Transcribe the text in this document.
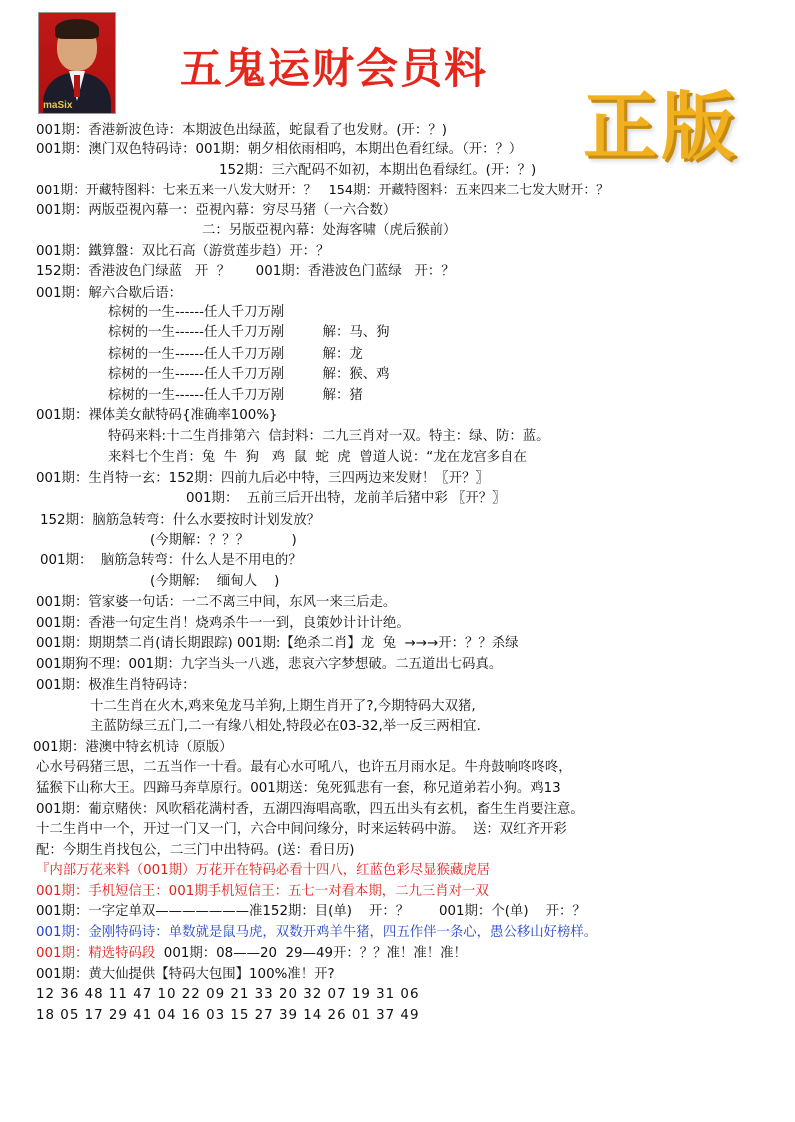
maSix
五鬼运财会员料
正版
001期：香港新波色诗：本期波色出绿蓝，蛇鼠看了也发财。(开：？)
001期：澳门双色特码诗：001期：朝夕相依雨相呜，本期出色看红绿。（开：？）
152期：三六配码不如初，本期出色看绿红。(开：？)
001期：开藏特图料：七来五来一八发大财开：？   154期：开藏特图料：五来四来二七发大财开：？
001期：两版亞視內幕一：亞視內幕：穷尽马猪（一六合数）
二：另版亞視內幕：处海客啸（虎后猴前）
001期：鐵算盤：双比石高（游赏莲步趋）开：？
152期：香港波色门绿蓝   开  ？      001期：香港波色门蓝绿   开：？
001期：解六合歇后语：
棕树的一生------任人千刀万剐
棕树的一生------任人千刀万剐         解：马、狗
棕树的一生------任人千刀万剐         解：龙
棕树的一生------任人千刀万剐         解：猴、鸡
棕树的一生------任人千刀万剐         解：猪
001期：裸体美女献特码{准确率100%}
特码来料:十二生肖排第六  信封料：二九三肖对一双。特主：绿、防：蓝。
来料七个生肖：兔  牛  狗   鸡  鼠  蛇  虎  曾道人说：“龙在龙宫多自在
001期：生肖特一玄：152期：四前九后必中特，三四两边来发财！〖开？〗
001期：  五前三后开出特，龙前羊后猪中彩 〖开？〗
152期：脑筋急转弯：什么水要按时计划发放？
(今期解：？？？          )
001期：  脑筋急转弯：什么人是不用电的？
(今期解:    缅甸人    )
001期：管家婆一句话：一二不离三中间，东风一来三后走。
001期：香港一句定生肖！烧鸡杀牛一一到，良策妙计计计绝。
001期：期期禁二肖(请长期跟踪) 001期:【绝杀二肖】龙  兔  →→→开：？？杀绿
001期狗不理：001期：九字当头一八逃，悲哀六字梦想破。二五道出七码真。
001期：极准生肖特码诗：
十二生肖在火木,鸡来兔龙马羊狗,上期生肖开了?,今期特码大双猪,
主蓝防绿三五门,二一有缘八相处,特段必在03-32,举一反三两相宜.
001期：港澳中特玄机诗（原版）
心水号码猪三思，二五当作一十看。最有心水可吼八，也许五月雨水足。牛舟鼓响咚咚咚，
猛猴下山称大王。四蹄马奔草原行。001期送：兔死狐悲有一套，称兄道弟若小狗。鸡13
001期：葡京赌侠：风吹稻花满村香，五湖四海唱高歌，四五出头有玄机，畜生生肖要注意。
十二生肖中一个，开过一门又一门，六合中间问缘分，时来运转码中游。  送：双红齐开彩
配：今期生肖找包公，二三门中出特码。(送：看日历)
『内部万花来料（001期）万花开在特码必看十四八，红蓝色彩尽显猴藏虎居
001期：手机短信王：001期手机短信王：五七一对看本期，二九三肖对一双
001期：一字定单双———————准152期：目(单)    开：？       001期：个(单)    开：？
001期：金刚特码诗：单数就是鼠马虎，双数开鸡羊牛猪，四五作伴一条心，愚公移山好榜样。
001期：精选特码段  001期：08——20  29—49开：？？准！准！准！
001期：黄大仙提供【特码大包围】100%准！开?
12 36 48 11 47 10 22 09 21 33 20 32 07 19 31 06
18 05 17 29 41 04 16 03 15 27 39 14 26 01 37 49
